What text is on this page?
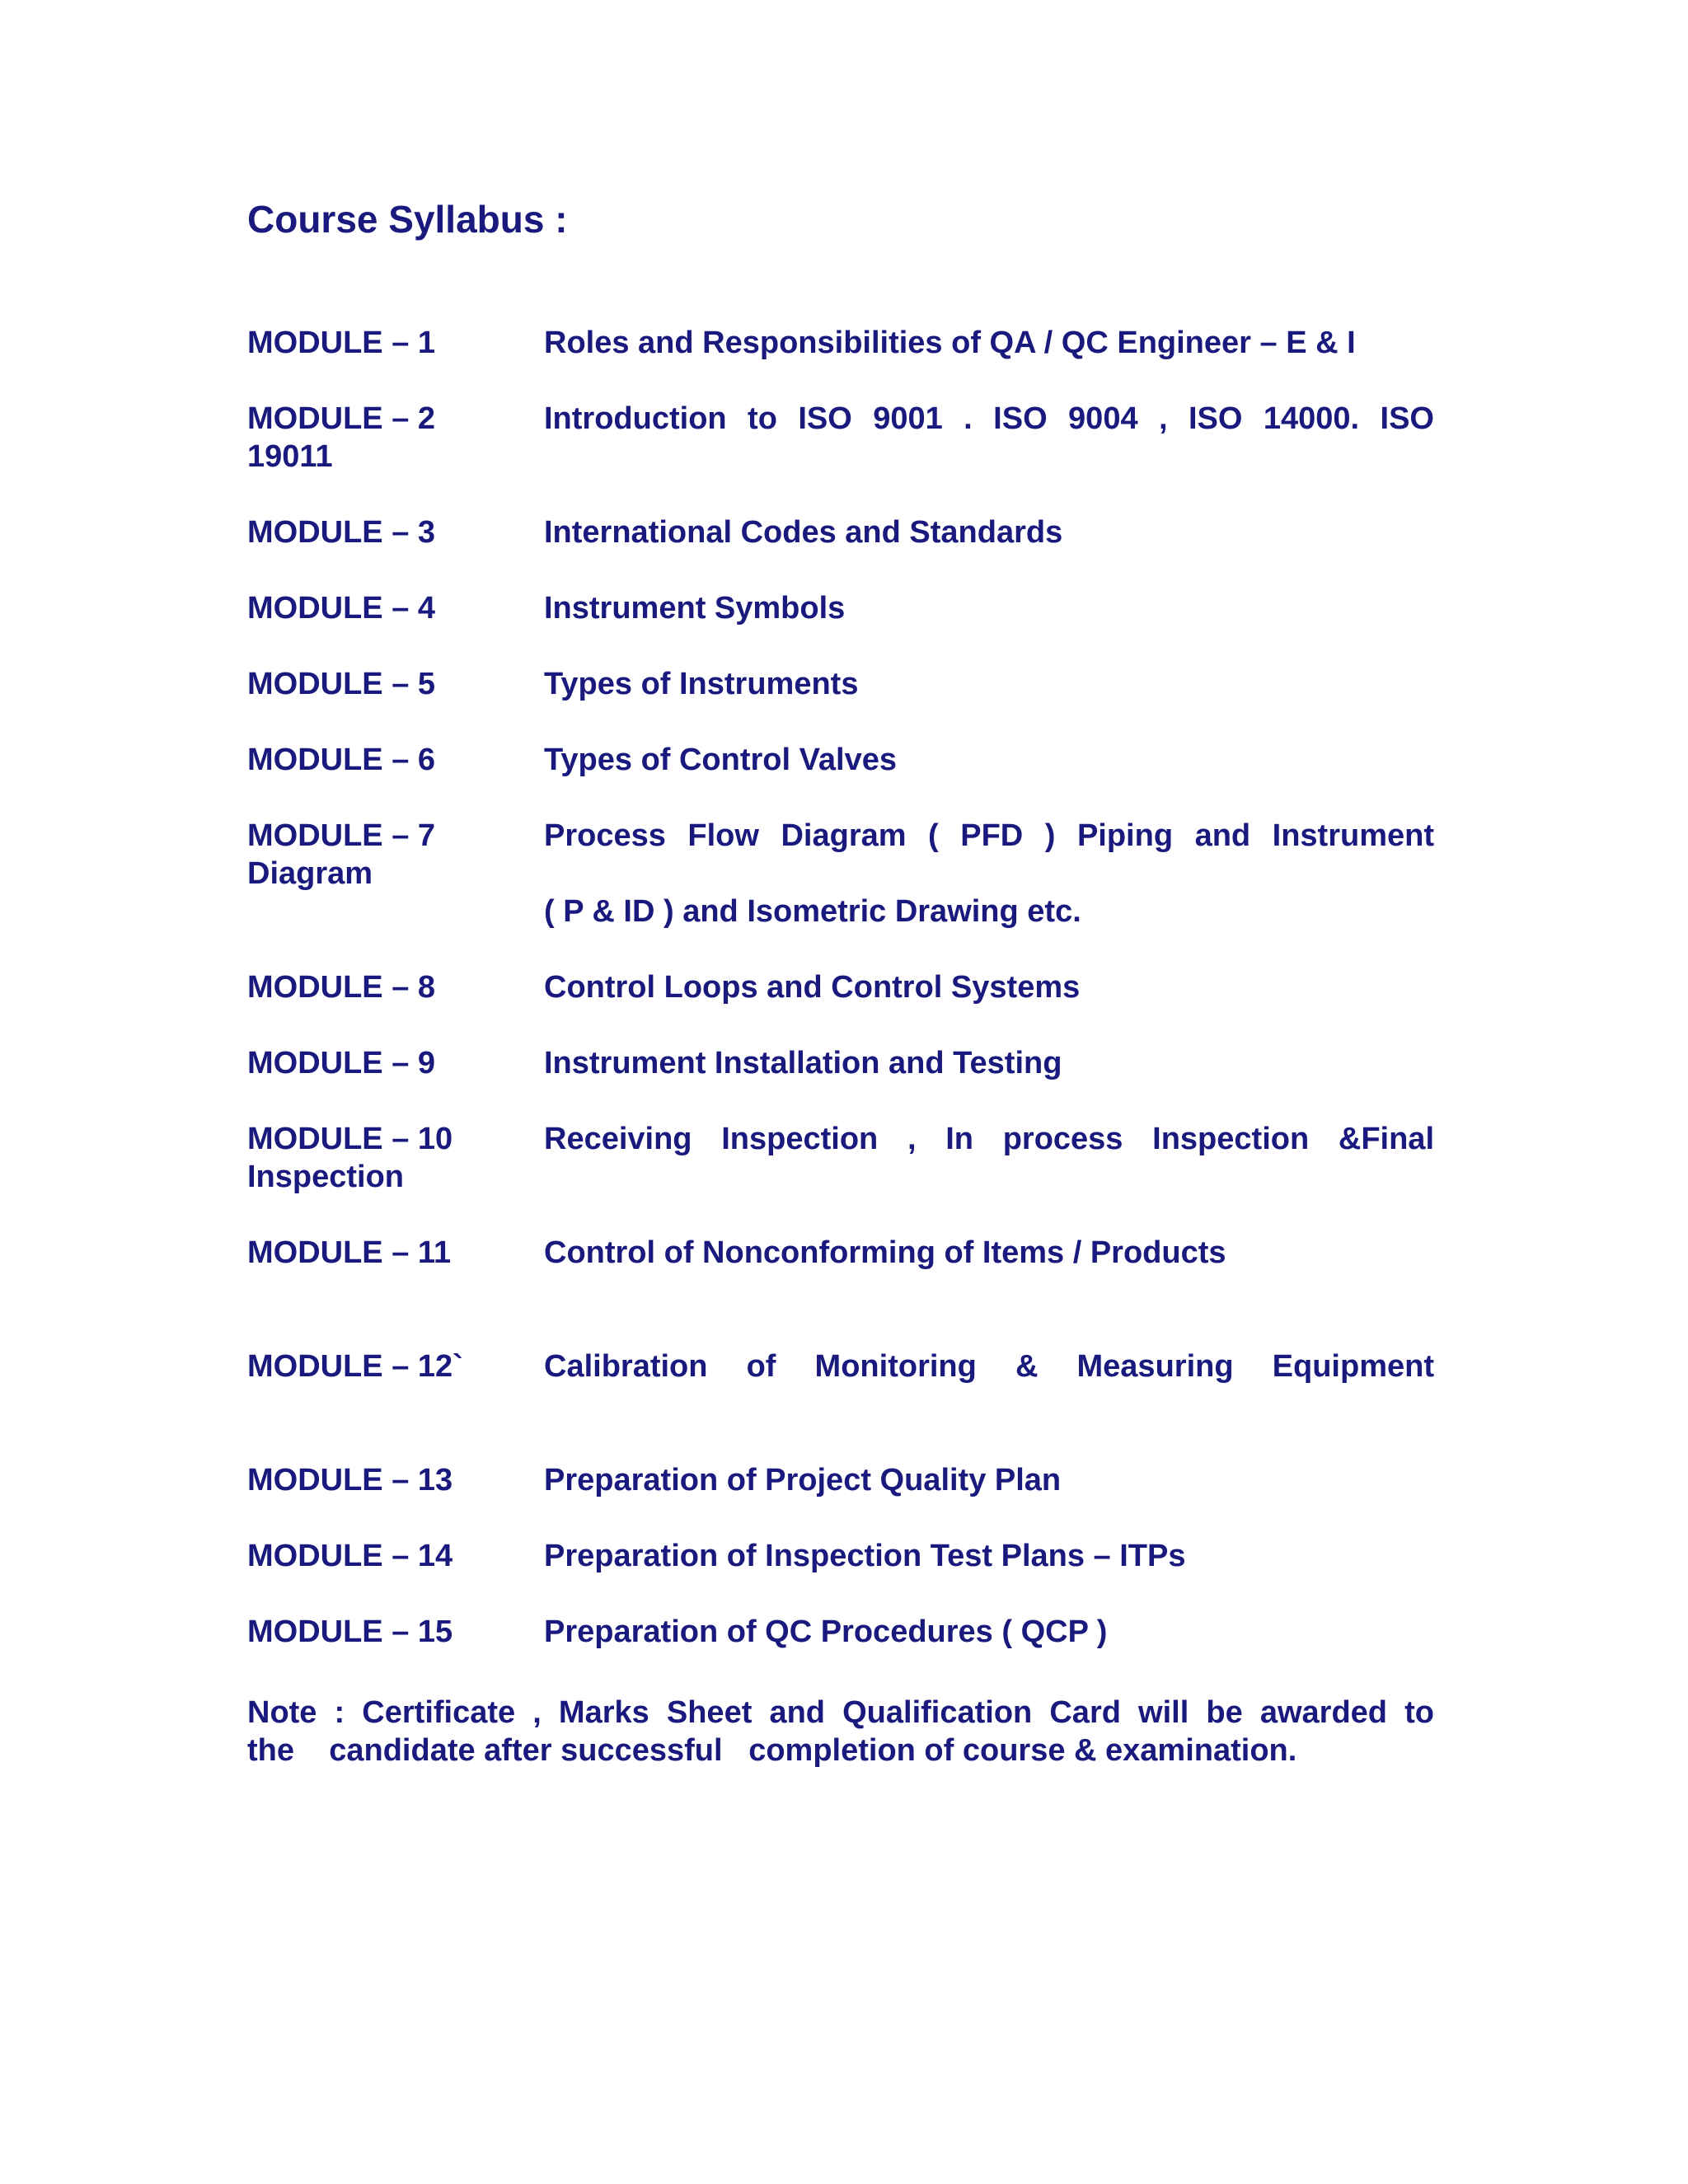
Course Syllabus :
MODULE – 1	Roles and Responsibilities of QA / QC Engineer – E & I
MODULE – 2	Introduction to ISO 9001 . ISO 9004 , ISO 14000. ISO
19011
MODULE – 3	International Codes and Standards
MODULE – 4	Instrument Symbols
MODULE – 5	Types of Instruments
MODULE – 6	Types of Control Valves
MODULE – 7	Process Flow Diagram ( PFD ) Piping and Instrument
Diagram
( P & ID ) and Isometric Drawing etc.
MODULE – 8	Control Loops and Control Systems
MODULE – 9	Instrument Installation and Testing
MODULE – 10	Receiving Inspection , In process Inspection &Final
Inspection
MODULE – 11	Control of Nonconforming of Items / Products
MODULE – 12`	Calibration of Monitoring & Measuring Equipment
MODULE – 13	Preparation of Project Quality Plan
MODULE – 14	Preparation of Inspection Test Plans – ITPs
MODULE – 15	Preparation of QC Procedures ( QCP )
Note : Certificate , Marks Sheet and Qualification Card will be awarded to
the    candidate after successful   completion of course & examination.
